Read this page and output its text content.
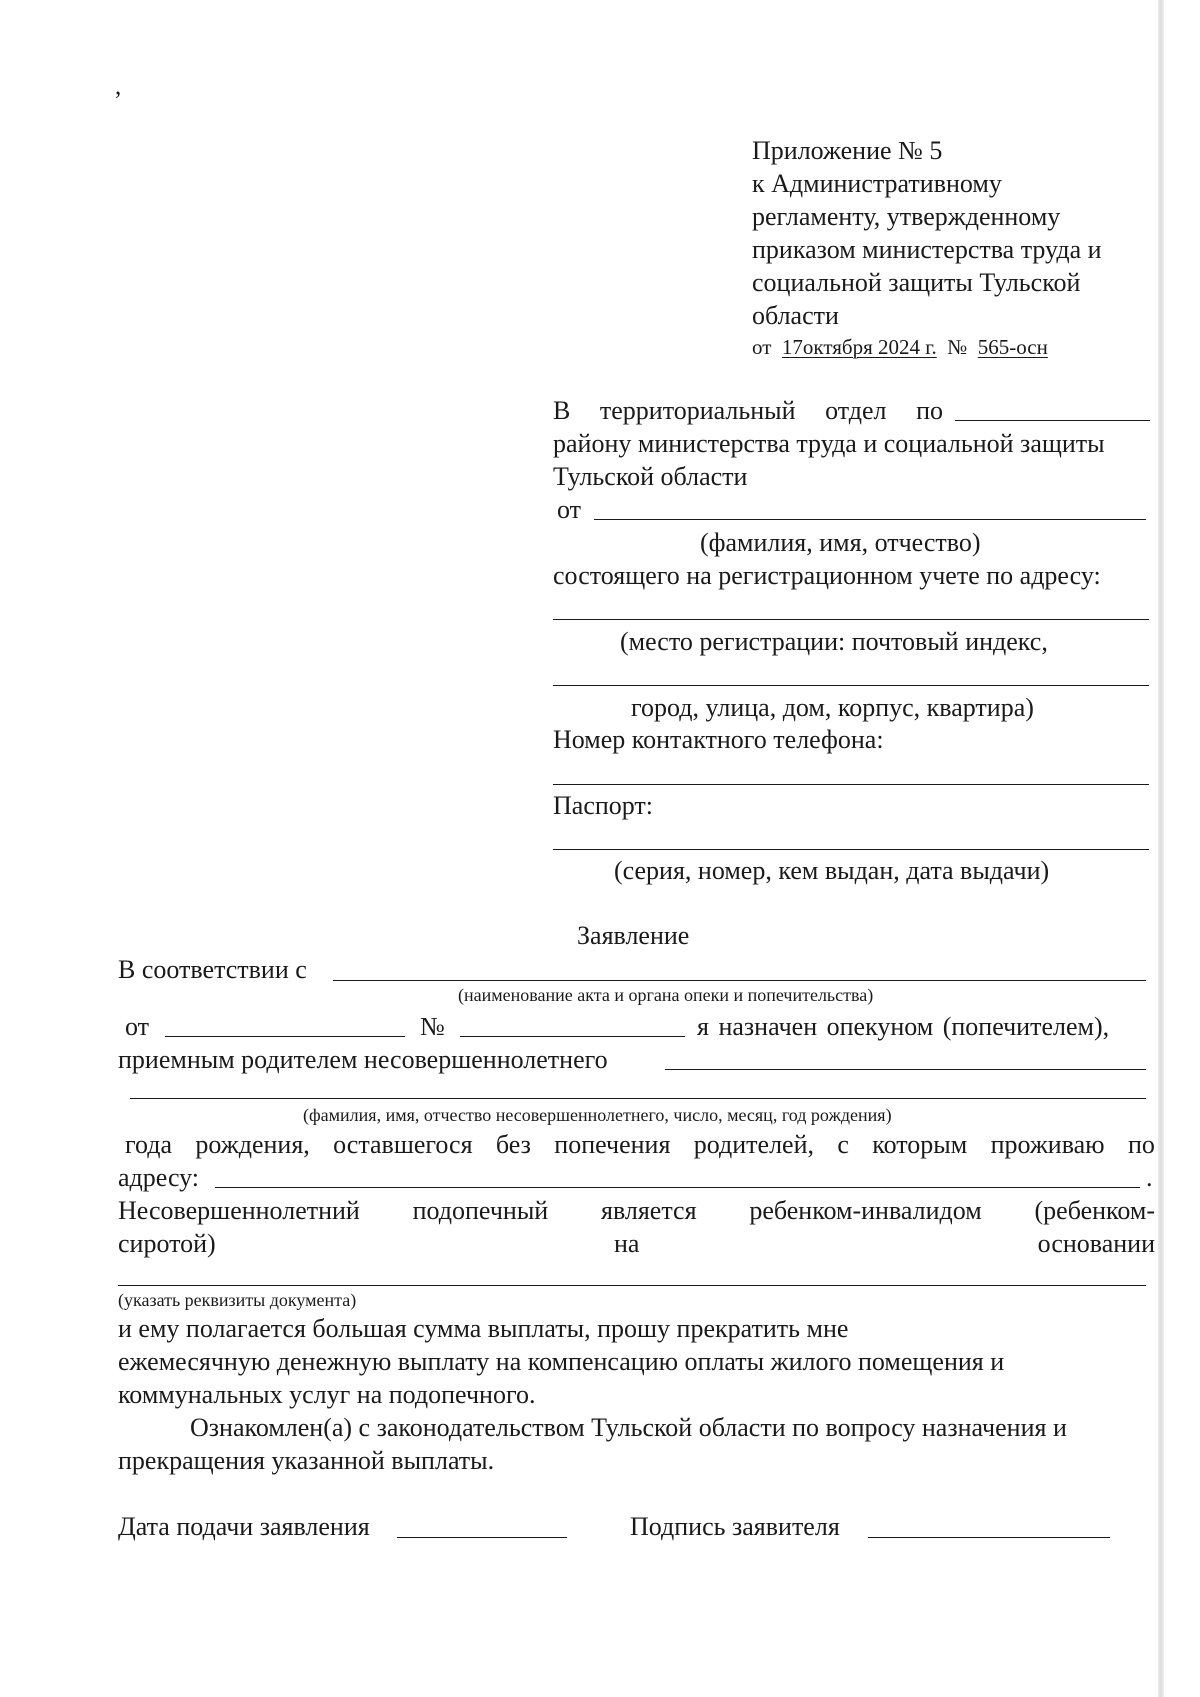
,
Приложение № 5
к Административному
регламенту, утвержденному
приказом министерства труда и
социальной защиты Тульской
области
от 17октября 2024 г. № 565-осн
В территориальный отдел по
району министерства труда и социальной защиты
Тульской области
от
(фамилия, имя, отчество)
состоящего на регистрационном учете по адресу:
(место регистрации: почтовый индекс,
город, улица, дом, корпус, квартира)
Номер контактного телефона:
Паспорт:
(серия, номер, кем выдан, дата выдачи)
Заявление
В соответствии с
(наименование акта и органа опеки и попечительства)
от	№	я назначен опекуном (попечителем),
приемным родителем несовершеннолетнего
(фамилия, имя, отчество несовершеннолетнего, число, месяц, год рождения)
года рождения, оставшегося без попечения родителей, с которым проживаю по
адресу:	.
Несовершеннолетний подопечный является ребенком-инвалидом (ребенком-
сиротой)	на	основании
(указать реквизиты документа)
и ему полагается большая сумма выплаты, прошу прекратить мне
ежемесячную денежную выплату на компенсацию оплаты жилого помещения и
коммунальных услуг на подопечного.
Ознакомлен(а) с законодательством Тульской области по вопросу назначения и
прекращения указанной выплаты.
Дата подачи заявления	Подпись заявителя
